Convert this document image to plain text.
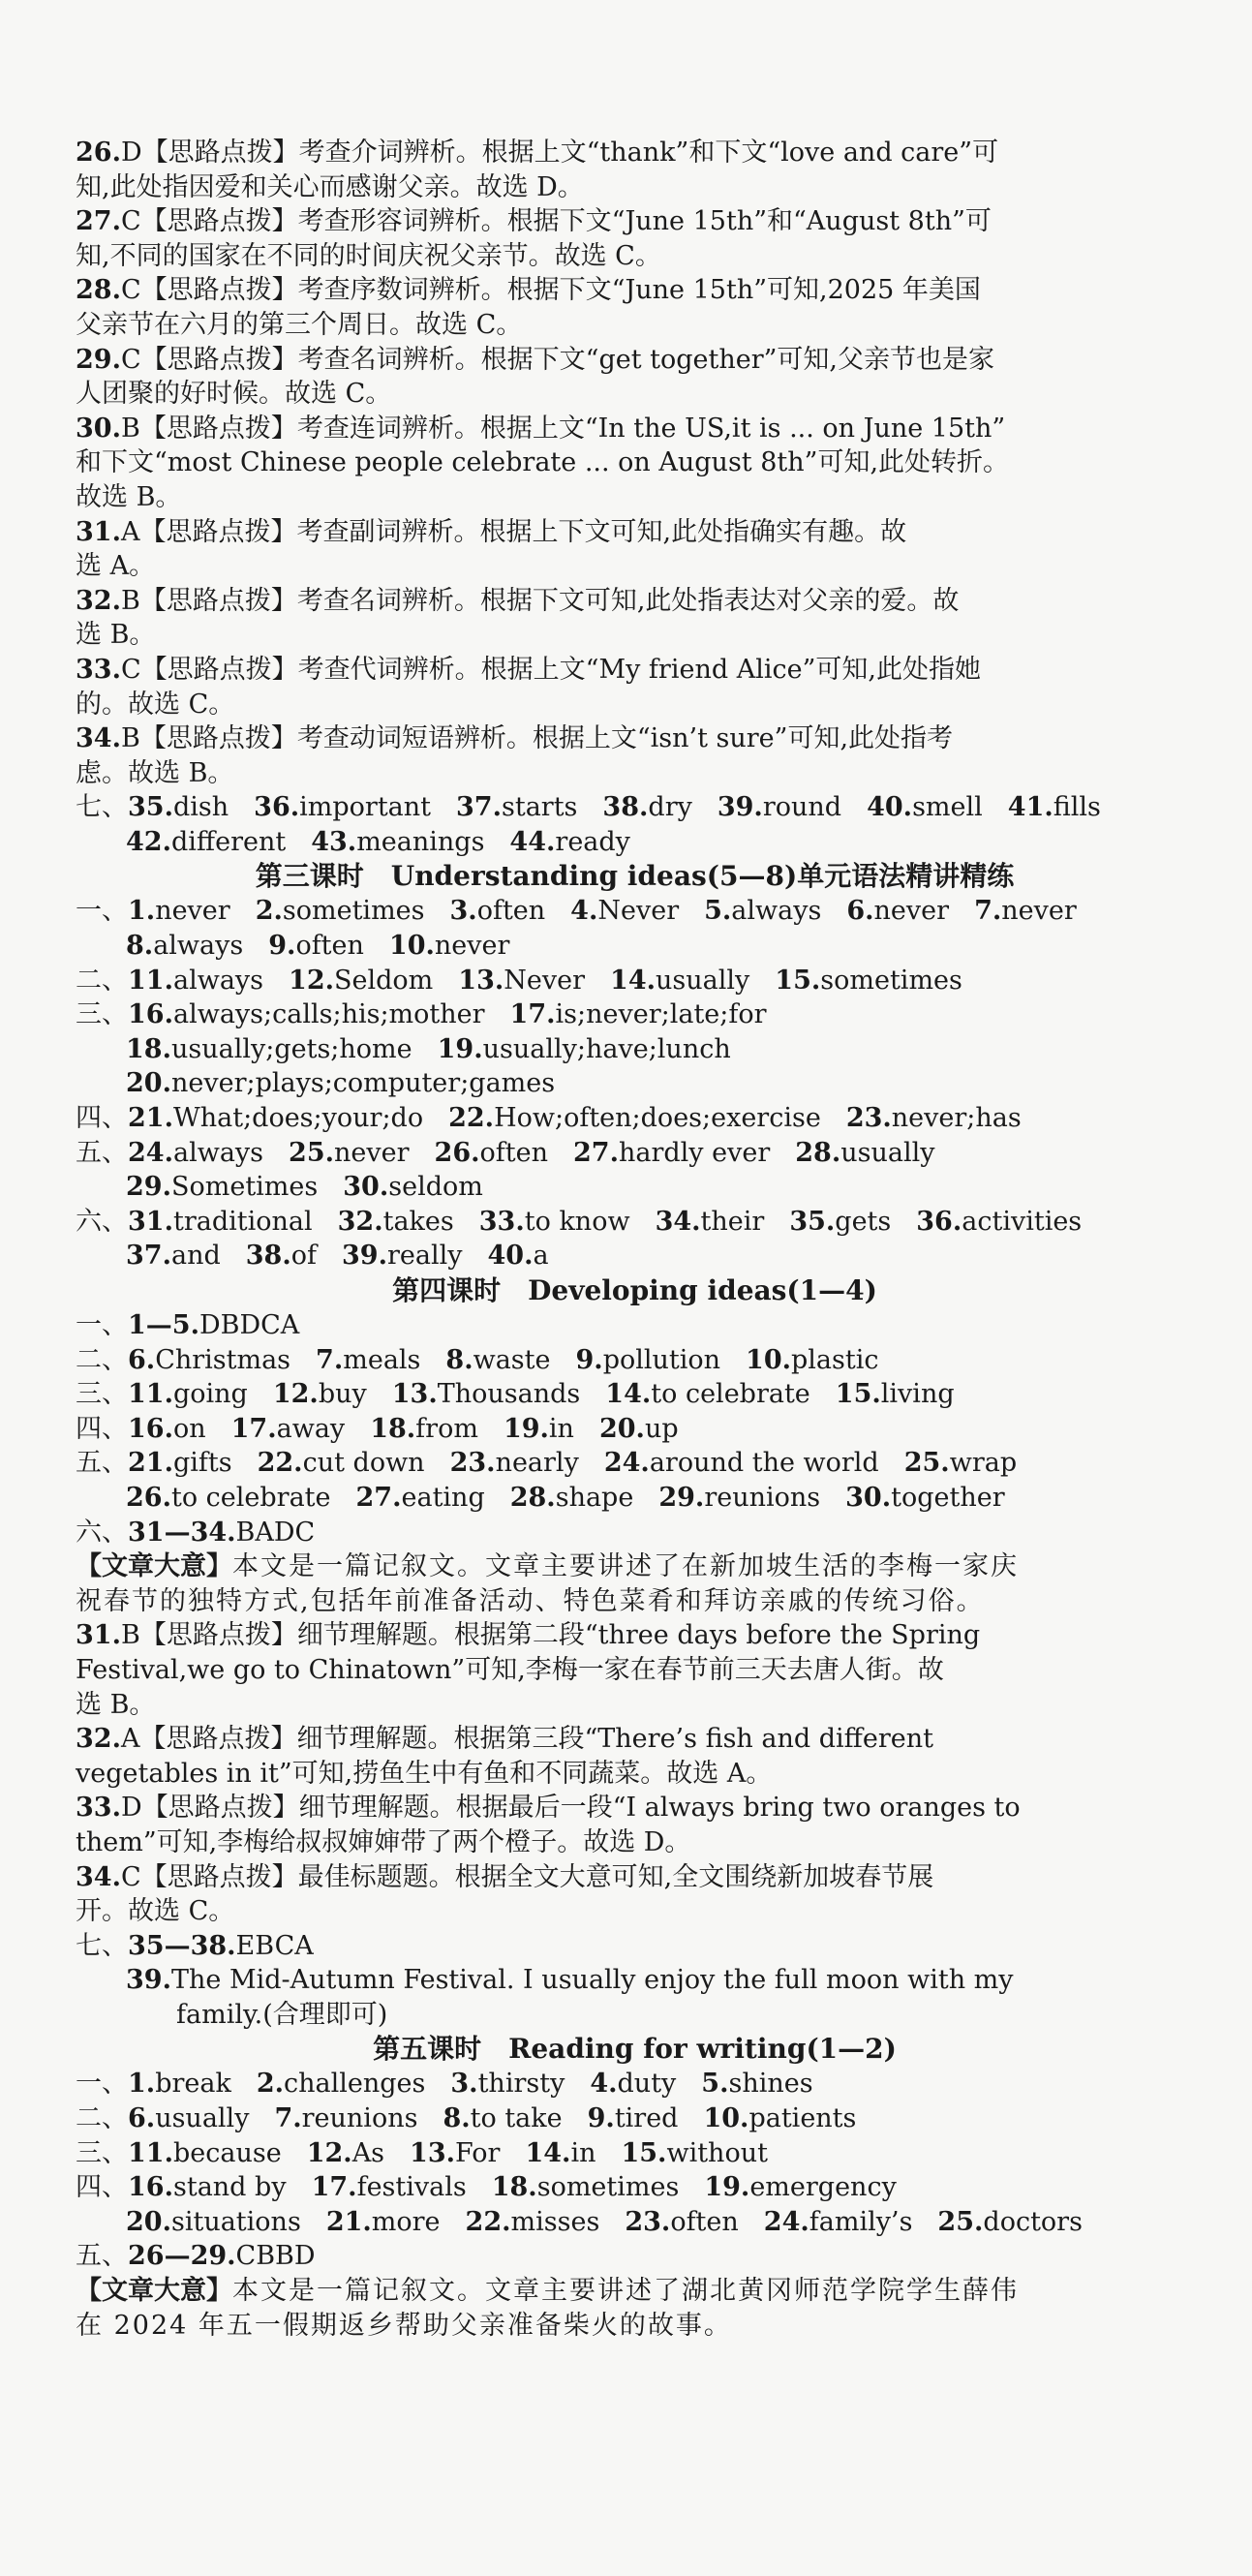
26.D【思路点拨】考查介词辨析。根据上文“thank”和下文“love and care”可
知,此处指因爱和关心而感谢父亲。故选 D。
27.C【思路点拨】考查形容词辨析。根据下文“June 15th”和“August 8th”可
知,不同的国家在不同的时间庆祝父亲节。故选 C。
28.C【思路点拨】考查序数词辨析。根据下文“June 15th”可知,2025 年美国
父亲节在六月的第三个周日。故选 C。
29.C【思路点拨】考查名词辨析。根据下文“get together”可知,父亲节也是家
人团聚的好时候。故选 C。
30.B【思路点拨】考查连词辨析。根据上文“In the US,it is ... on June 15th”
和下文“most Chinese people celebrate ... on August 8th”可知,此处转折。
故选 B。
31.A【思路点拨】考查副词辨析。根据上下文可知,此处指确实有趣。故
选 A。
32.B【思路点拨】考查名词辨析。根据下文可知,此处指表达对父亲的爱。故
选 B。
33.C【思路点拨】考查代词辨析。根据上文“My friend Alice”可知,此处指她
的。故选 C。
34.B【思路点拨】考查动词短语辨析。根据上文“isn’t sure”可知,此处指考
虑。故选 B。
七、35.dish 36.important 37.starts 38.dry 39.round 40.smell 41.fills
42.different 43.meanings 44.ready
第三课时　Understanding ideas(5—8)单元语法精讲精练
一、1.never 2.sometimes 3.often 4.Never 5.always 6.never 7.never
8.always 9.often 10.never
二、11.always 12.Seldom 13.Never 14.usually 15.sometimes
三、16.always;calls;his;mother 17.is;never;late;for
18.usually;gets;home 19.usually;have;lunch
20.never;plays;computer;games
四、21.What;does;your;do 22.How;often;does;exercise 23.never;has
五、24.always 25.never 26.often 27.hardly ever 28.usually
29.Sometimes 30.seldom
六、31.traditional 32.takes 33.to know 34.their 35.gets 36.activities
37.and 38.of 39.really 40.a
第四课时　Developing ideas(1—4)
一、1—5.DBDCA
二、6.Christmas 7.meals 8.waste 9.pollution 10.plastic
三、11.going 12.buy 13.Thousands 14.to celebrate 15.living
四、16.on 17.away 18.from 19.in 20.up
五、21.gifts 22.cut down 23.nearly 24.around the world 25.wrap
26.to celebrate 27.eating 28.shape 29.reunions 30.together
六、31—34.BADC
【文章大意】本文是一篇记叙文。文章主要讲述了在新加坡生活的李梅一家庆
祝春节的独特方式,包括年前准备活动、特色菜肴和拜访亲戚的传统习俗。
31.B【思路点拨】细节理解题。根据第二段“three days before the Spring
Festival,we go to Chinatown”可知,李梅一家在春节前三天去唐人街。故
选 B。
32.A【思路点拨】细节理解题。根据第三段“There’s fish and different
vegetables in it”可知,捞鱼生中有鱼和不同蔬菜。故选 A。
33.D【思路点拨】细节理解题。根据最后一段“I always bring two oranges to
them”可知,李梅给叔叔婶婶带了两个橙子。故选 D。
34.C【思路点拨】最佳标题题。根据全文大意可知,全文围绕新加坡春节展
开。故选 C。
七、35—38.EBCA
39.The Mid-Autumn Festival. I usually enjoy the full moon with my
family.(合理即可)
第五课时　Reading for writing(1—2)
一、1.break 2.challenges 3.thirsty 4.duty 5.shines
二、6.usually 7.reunions 8.to take 9.tired 10.patients
三、11.because 12.As 13.For 14.in 15.without
四、16.stand by 17.festivals 18.sometimes 19.emergency
20.situations 21.more 22.misses 23.often 24.family’s 25.doctors
五、26—29.CBBD
【文章大意】本文是一篇记叙文。文章主要讲述了湖北黄冈师范学院学生薛伟
在 2024 年五一假期返乡帮助父亲准备柴火的故事。
